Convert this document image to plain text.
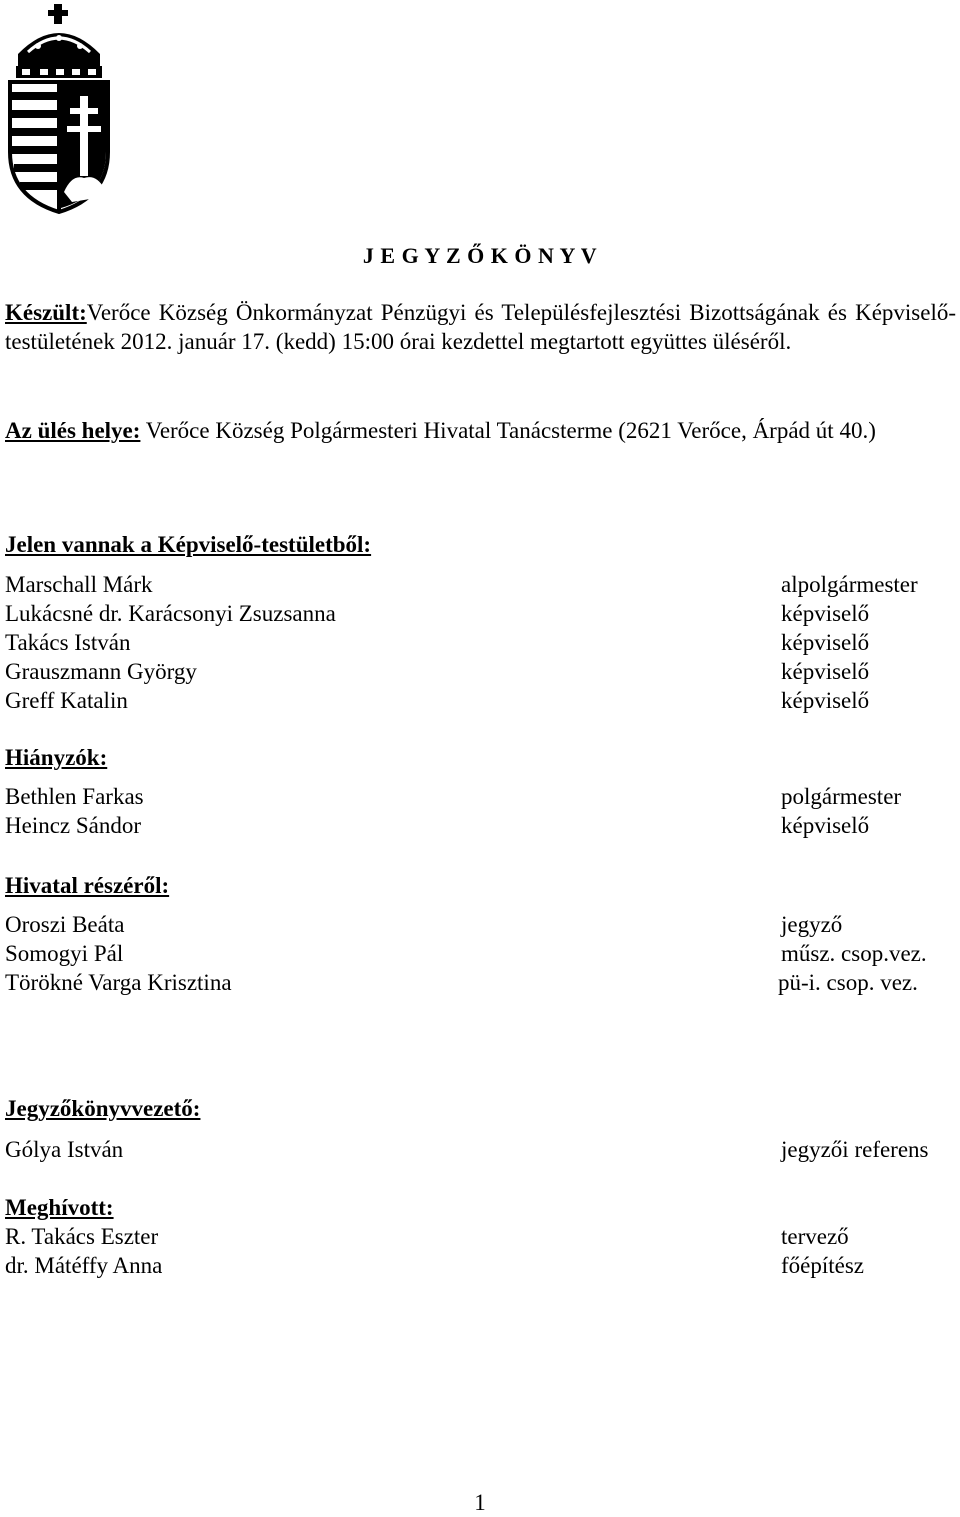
J E G Y Z Ő K Ö N Y V

Készült:Verőce Község Önkormányzat Pénzügyi és Településfejlesztési Bizottságának és Képviselő-testületének 2012. január 17. (kedd) 15:00 órai kezdettel megtartott együttes üléséről.

Az ülés helye: Verőce Község Polgármesteri Hivatal Tanácsterme (2621 Verőce, Árpád út 40.)

Jelen vannak a Képviselő-testületből:
Marschall Márk	alpolgármester
Lukácsné dr. Karácsonyi Zsuzsanna	képviselő
Takács István	képviselő
Grauszmann György	képviselő
Greff Katalin	képviselő
Hiányzók:
Bethlen Farkas	polgármester
Heincz Sándor	képviselő
Hivatal részéről:
Oroszi Beáta	jegyző
Somogyi Pál	műsz. csop.vez.
Törökné Varga Krisztina	pü-i. csop. vez.
Jegyzőkönyvvezető:
Gólya István	jegyzői referens
Meghívott:
R. Takács Eszter	tervező
dr. Mátéffy Anna	főépítész
1
